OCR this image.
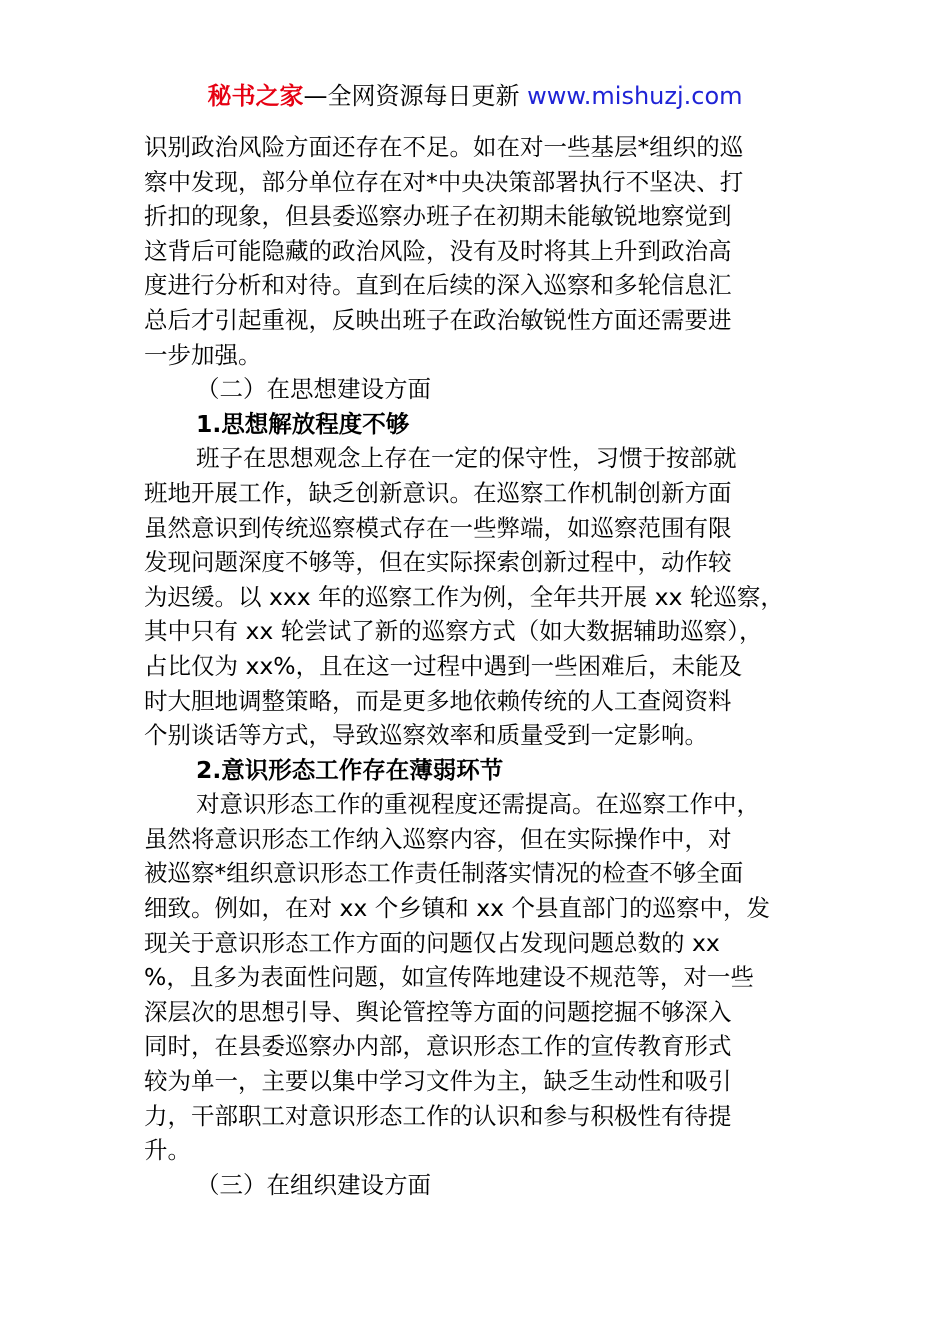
秘书之家—全网资源每日更新 www.mishuzj.com
识别政治风险方面还存在不足。如在对一些基层*组织的巡
察中发现，部分单位存在对*中央决策部署执行不坚决、打
折扣的现象，但县委巡察办班子在初期未能敏锐地察觉到
这背后可能隐藏的政治风险，没有及时将其上升到政治高
度进行分析和对待。直到在后续的深入巡察和多轮信息汇
总后才引起重视，反映出班子在政治敏锐性方面还需要进
一步加强。
（二）在思想建设方面
1.思想解放程度不够
班子在思想观念上存在一定的保守性，习惯于按部就
班地开展工作，缺乏创新意识。在巡察工作机制创新方面
虽然意识到传统巡察模式存在一些弊端，如巡察范围有限
发现问题深度不够等，但在实际探索创新过程中，动作较
为迟缓。以 xxx 年的巡察工作为例，全年共开展 xx 轮巡察，
其中只有 xx 轮尝试了新的巡察方式（如大数据辅助巡察），
占比仅为 xx%，且在这一过程中遇到一些困难后，未能及
时大胆地调整策略，而是更多地依赖传统的人工查阅资料
个别谈话等方式，导致巡察效率和质量受到一定影响。
2.意识形态工作存在薄弱环节
对意识形态工作的重视程度还需提高。在巡察工作中，
虽然将意识形态工作纳入巡察内容，但在实际操作中，对
被巡察*组织意识形态工作责任制落实情况的检查不够全面
细致。例如，在对 xx 个乡镇和 xx 个县直部门的巡察中，发
现关于意识形态工作方面的问题仅占发现问题总数的 xx
%，且多为表面性问题，如宣传阵地建设不规范等，对一些
深层次的思想引导、舆论管控等方面的问题挖掘不够深入
同时，在县委巡察办内部，意识形态工作的宣传教育形式
较为单一，主要以集中学习文件为主，缺乏生动性和吸引
力，干部职工对意识形态工作的认识和参与积极性有待提
升。
（三）在组织建设方面
